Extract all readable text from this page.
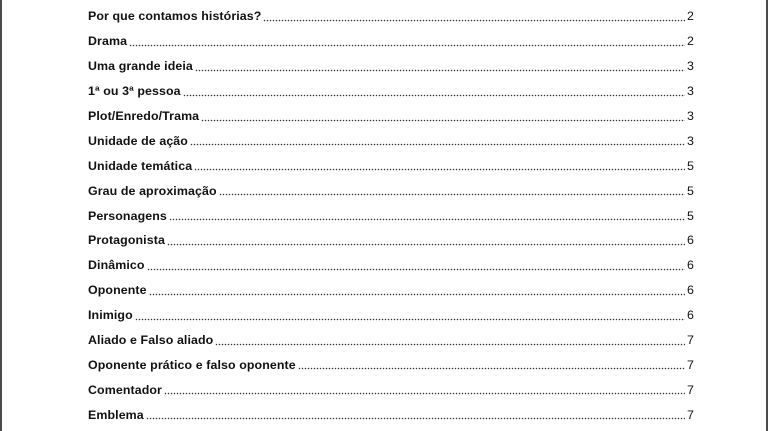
Por que contamos histórias?	2
Drama	2
Uma grande ideia	3
1ª ou 3ª pessoa	3
Plot/Enredo/Trama	3
Unidade de ação	3
Unidade temática	5
Grau de aproximação	5
Personagens	5
Protagonista	6
Dinâmico	6
Oponente	6
Inimigo	6
Aliado e Falso aliado	7
Oponente prático e falso oponente	7
Comentador	7
Emblema	7
